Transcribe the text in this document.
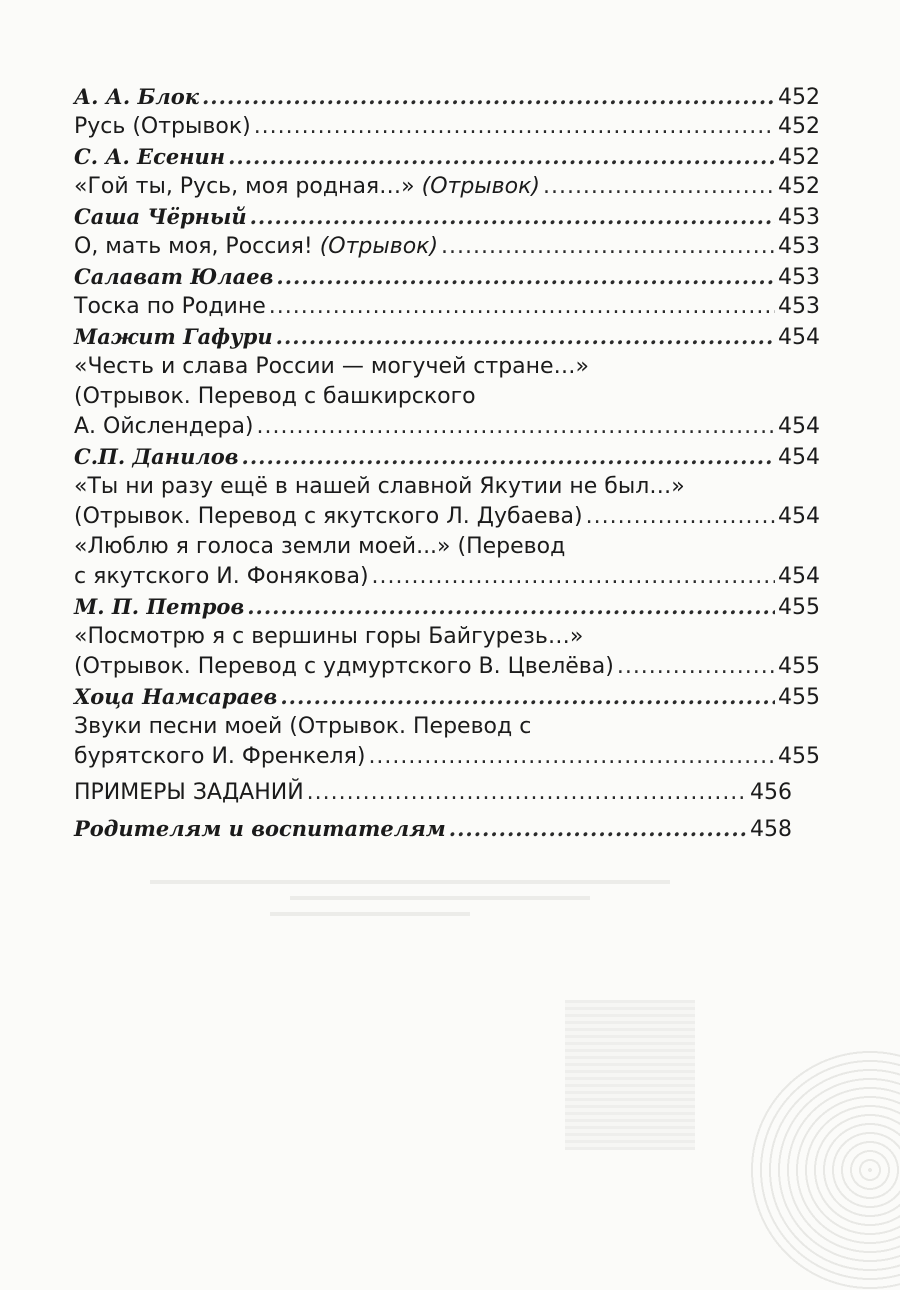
А. А. Блок .....	452
Русь (Отрывок) .....	452
С. А. Есенин .....	452
«Гой ты, Русь, моя родная…» (Отрывок) .....	452
Саша Чёрный .....	453
О, мать моя, Россия! (Отрывок) .....	453
Салават Юлаев .....	453
Тоска по Родине .....	453
Мажит Гафури .....	454
«Честь и слава России — могучей стране…»
(Отрывок. Перевод с башкирского
А. Ойслендера) .....	454
С.П. Данилов .....	454
«Ты ни разу ещё в нашей славной Якутии не был…»
(Отрывок. Перевод с якутского Л. Дубаева) .....	454
«Люблю я голоса земли моей...» (Перевод
с якутского И. Фонякова) .....	454
М. П. Петров .....	455
«Посмотрю я с вершины горы Байгурезь…»
(Отрывок. Перевод с удмуртского В. Цвелёва) .....	455
Хоца Намсараев .....	455
Звуки песни моей (Отрывок. Перевод с
бурятского И. Френкеля) .....	455
ПРИМЕРЫ ЗАДАНИЙ .....	456
Родителям и воспитателям .....	458
